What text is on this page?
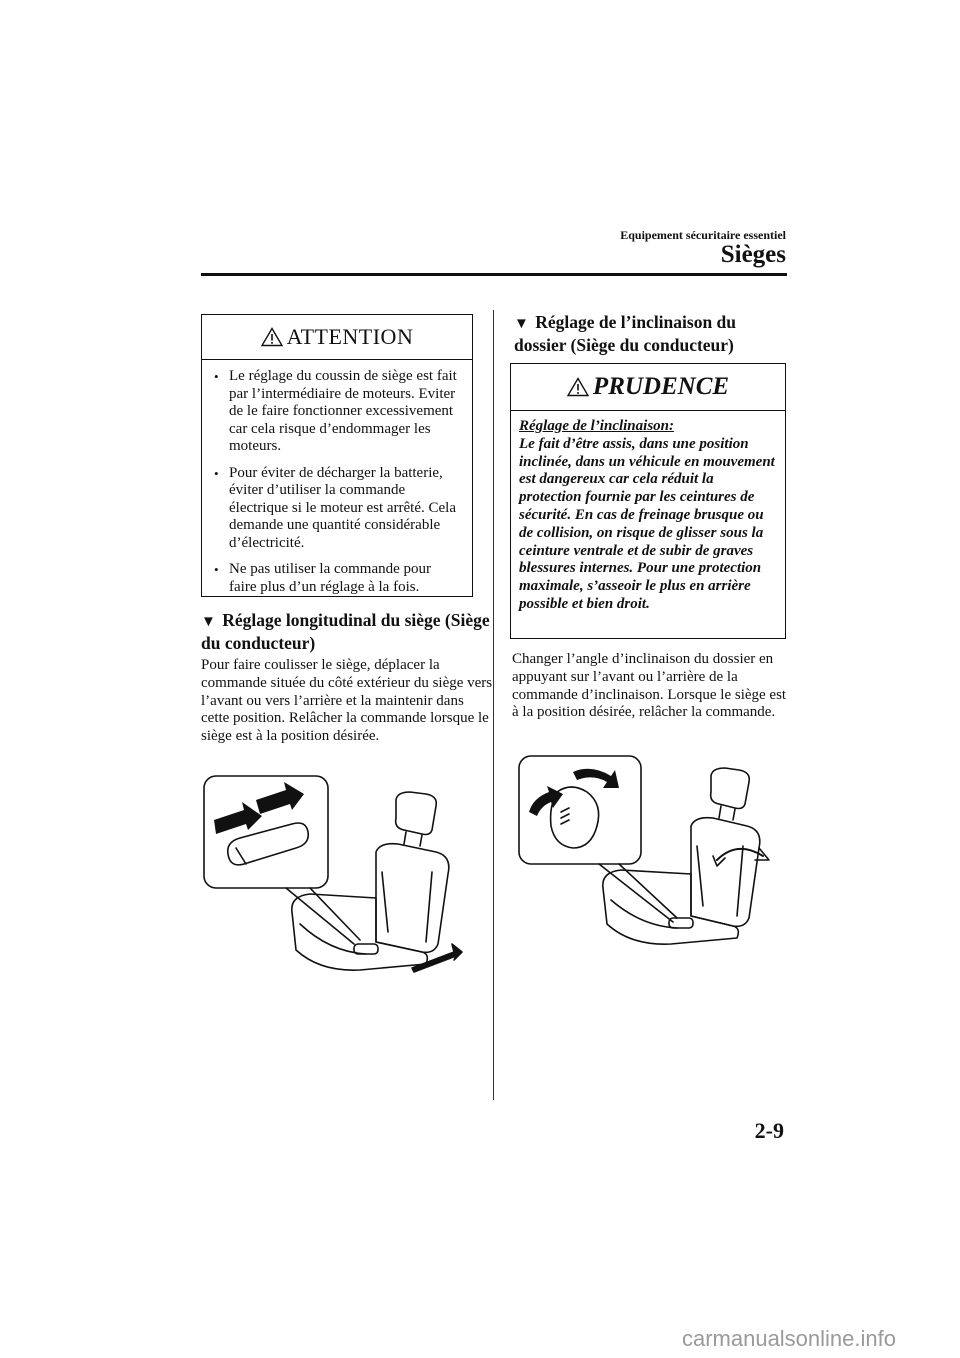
Equipement sécuritaire essentiel
Sièges
ATTENTION
• Le réglage du coussin de siège est fait par l’intermédiaire de moteurs. Eviter de le faire fonctionner excessivement car cela risque d’endommager les moteurs.
• Pour éviter de décharger la batterie, éviter d’utiliser la commande électrique si le moteur est arrêté. Cela demande une quantité considérable d’électricité.
• Ne pas utiliser la commande pour faire plus d’un réglage à la fois.
▼ Réglage longitudinal du siège (Siège du conducteur)
Pour faire coulisser le siège, déplacer la commande située du côté extérieur du siège vers l’avant ou vers l’arrière et la maintenir dans cette position. Relâcher la commande lorsque le siège est à la position désirée.
▼ Réglage de l’inclinaison du dossier (Siège du conducteur)
PRUDENCE
Réglage de l’inclinaison:
Le fait d’être assis, dans une position inclinée, dans un véhicule en mouvement est dangereux car cela réduit la protection fournie par les ceintures de sécurité. En cas de freinage brusque ou de collision, on risque de glisser sous la ceinture ventrale et de subir de graves blessures internes. Pour une protection maximale, s’asseoir le plus en arrière possible et bien droit.
Changer l’angle d’inclinaison du dossier en appuyant sur l’avant ou l’arrière de la commande d’inclinaison. Lorsque le siège est à la position désirée, relâcher la commande.
2-9
carmanualsonline.info
